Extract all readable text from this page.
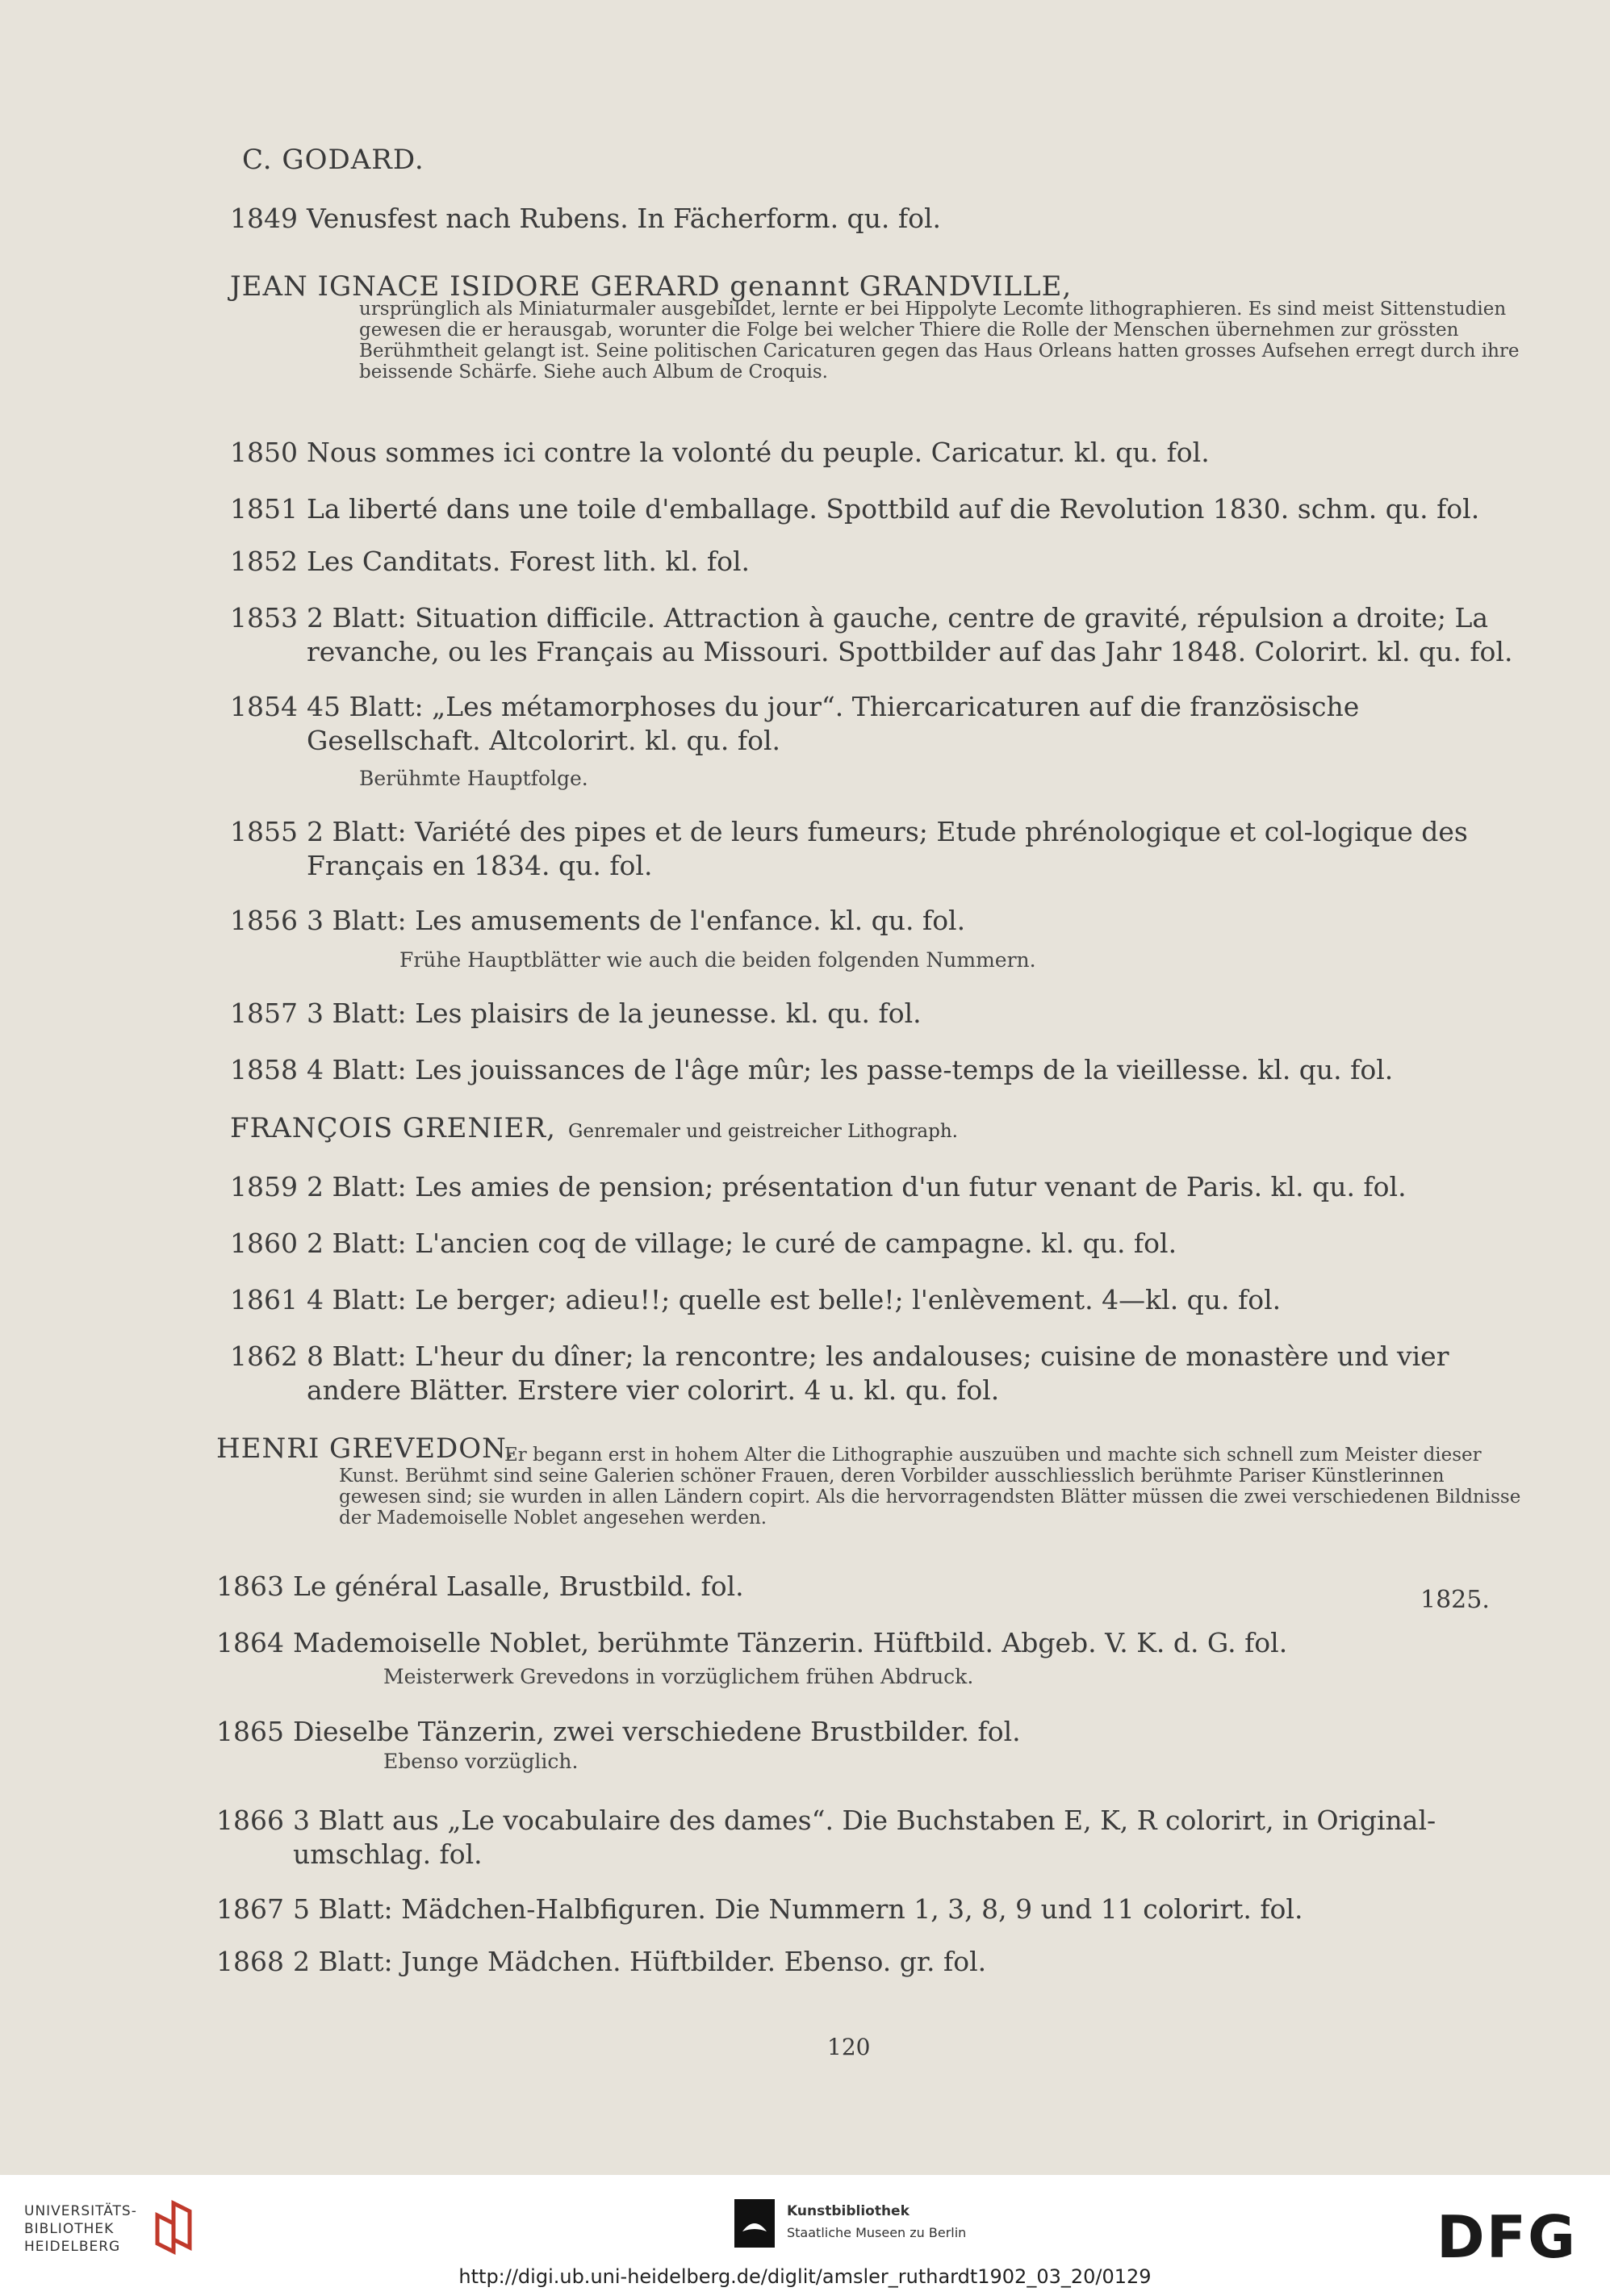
C. GODARD.
1849 Venusfest nach Rubens. In Fächerform. qu. fol.
JEAN IGNACE ISIDORE GERARD genannt GRANDVILLE,
ursprünglich als Miniaturmaler ausgebildet, lernte er bei Hippolyte Lecomte lithographieren. Es sind meist Sittenstudien gewesen die er herausgab, worunter die Folge bei welcher Thiere die Rolle der Menschen übernehmen zur grössten Berühmtheit gelangt ist. Seine politischen Caricaturen gegen das Haus Orleans hatten grosses Aufsehen erregt durch ihre beissende Schärfe. Siehe auch Album de Croquis.
1850 Nous sommes ici contre la volonté du peuple. Caricatur. kl. qu. fol.
1851 La liberté dans une toile d'emballage. Spottbild auf die Revolution 1830. schm. qu. fol.
1852 Les Canditats. Forest lith. kl. fol.
1853 2 Blatt: Situation difficile. Attraction à gauche, centre de gravité, répulsion a droite; La revanche, ou les Français au Missouri. Spottbilder auf das Jahr 1848. Colorirt. kl. qu. fol.
1854 45 Blatt: „Les métamorphoses du jour“. Thiercaricaturen auf die französische Gesellschaft. Altcolorirt. kl. qu. fol.
Berühmte Hauptfolge.
1855 2 Blatt: Variété des pipes et de leurs fumeurs; Etude phrénologique et col-logique des Français en 1834. qu. fol.
1856 3 Blatt: Les amusements de l'enfance. kl. qu. fol.
Frühe Hauptblätter wie auch die beiden folgenden Nummern.
1857 3 Blatt: Les plaisirs de la jeunesse. kl. qu. fol.
1858 4 Blatt: Les jouissances de l'âge mûr; les passe-temps de la vieillesse. kl. qu. fol.
FRANÇOIS GRENIER, Genremaler und geistreicher Lithograph.
1859 2 Blatt: Les amies de pension; présentation d'un futur venant de Paris. kl. qu. fol.
1860 2 Blatt: L'ancien coq de village; le curé de campagne. kl. qu. fol.
1861 4 Blatt: Le berger; adieu!!; quelle est belle!; l'enlèvement. 4—kl. qu. fol.
1862 8 Blatt: L'heur du dîner; la rencontre; les andalouses; cuisine de monastère und vier andere Blätter. Erstere vier colorirt. 4 u. kl. qu. fol.
HENRI GREVEDON.
Er begann erst in hohem Alter die Lithographie auszuüben und machte sich schnell zum Meister dieser Kunst. Berühmt sind seine Galerien schöner Frauen, deren Vorbilder ausschliesslich berühmte Pariser Künstlerinnen gewesen sind; sie wurden in allen Ländern copirt. Als die hervorragendsten Blätter müssen die zwei verschiedenen Bildnisse der Mademoiselle Noblet angesehen werden.
1863 Le général Lasalle, Brustbild. fol.	1825.
1864 Mademoiselle Noblet, berühmte Tänzerin. Hüftbild. Abgeb. V. K. d. G. fol.
Meisterwerk Grevedons in vorzüglichem frühen Abdruck.
1865 Dieselbe Tänzerin, zwei verschiedene Brustbilder. fol.
Ebenso vorzüglich.
1866 3 Blatt aus „Le vocabulaire des dames“. Die Buchstaben E, K, R colorirt, in Original-umschlag. fol.
1867 5 Blatt: Mädchen-Halbfiguren. Die Nummern 1, 3, 8, 9 und 11 colorirt. fol.
1868 2 Blatt: Junge Mädchen. Hüftbilder. Ebenso. gr. fol.
120
UNIVERSITÄTS-
BIBLIOTHEK
HEIDELBERG
Kunstbibliothek
Staatliche Museen zu Berlin	DFG
http://digi.ub.uni-heidelberg.de/diglit/amsler_ruthardt1902_03_20/0129
